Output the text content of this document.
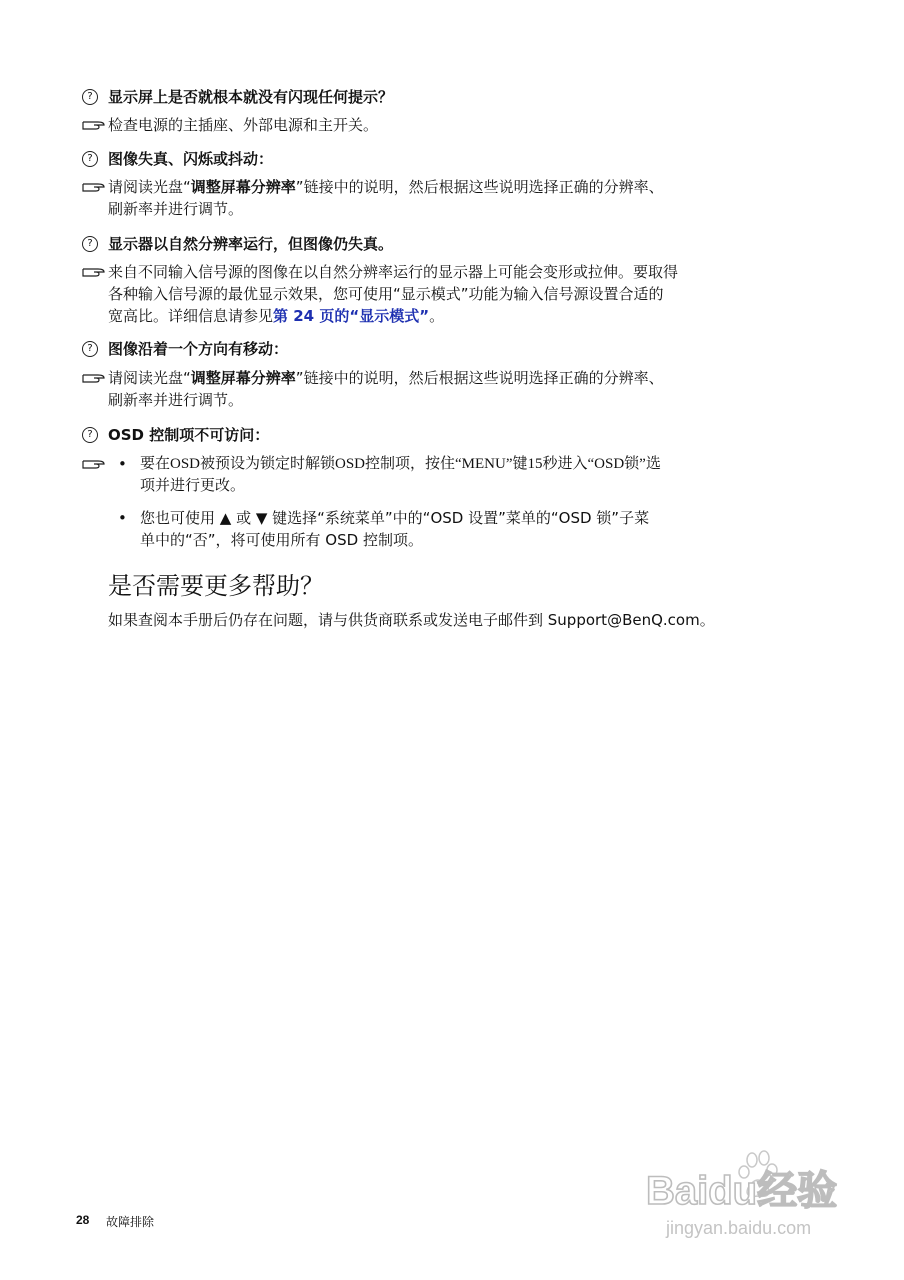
?	显示屏上是否就根本就没有闪现任何提示？
检查电源的主插座、外部电源和主开关。
?	图像失真、闪烁或抖动：
请阅读光盘“调整屏幕分辨率”链接中的说明，然后根据这些说明选择正确的分辨率、
刷新率并进行调节。
?	显示器以自然分辨率运行，但图像仍失真。
来自不同输入信号源的图像在以自然分辨率运行的显示器上可能会变形或拉伸。要取得
各种输入信号源的最优显示效果，您可使用“显示模式”功能为输入信号源设置合适的
宽高比。详细信息请参见第 24 页的“显示模式”。
?	图像沿着一个方向有移动：
请阅读光盘“调整屏幕分辨率”链接中的说明，然后根据这些说明选择正确的分辨率、
刷新率并进行调节。
?	OSD 控制项不可访问：
• 要在OSD被预设为锁定时解锁OSD控制项，按住“MENU”键15秒进入“OSD锁”选
项并进行更改。
• 您也可使用 ▲ 或 ▼ 键选择“系统菜单”中的“OSD 设置”菜单的“OSD 锁”子菜
单中的“否”，将可使用所有 OSD 控制项。
是否需要更多帮助？
如果查阅本手册后仍存在问题，请与供货商联系或发送电子邮件到 Support@BenQ.com。
28 故障排除
Baidu经验
jingyan.baidu.com
